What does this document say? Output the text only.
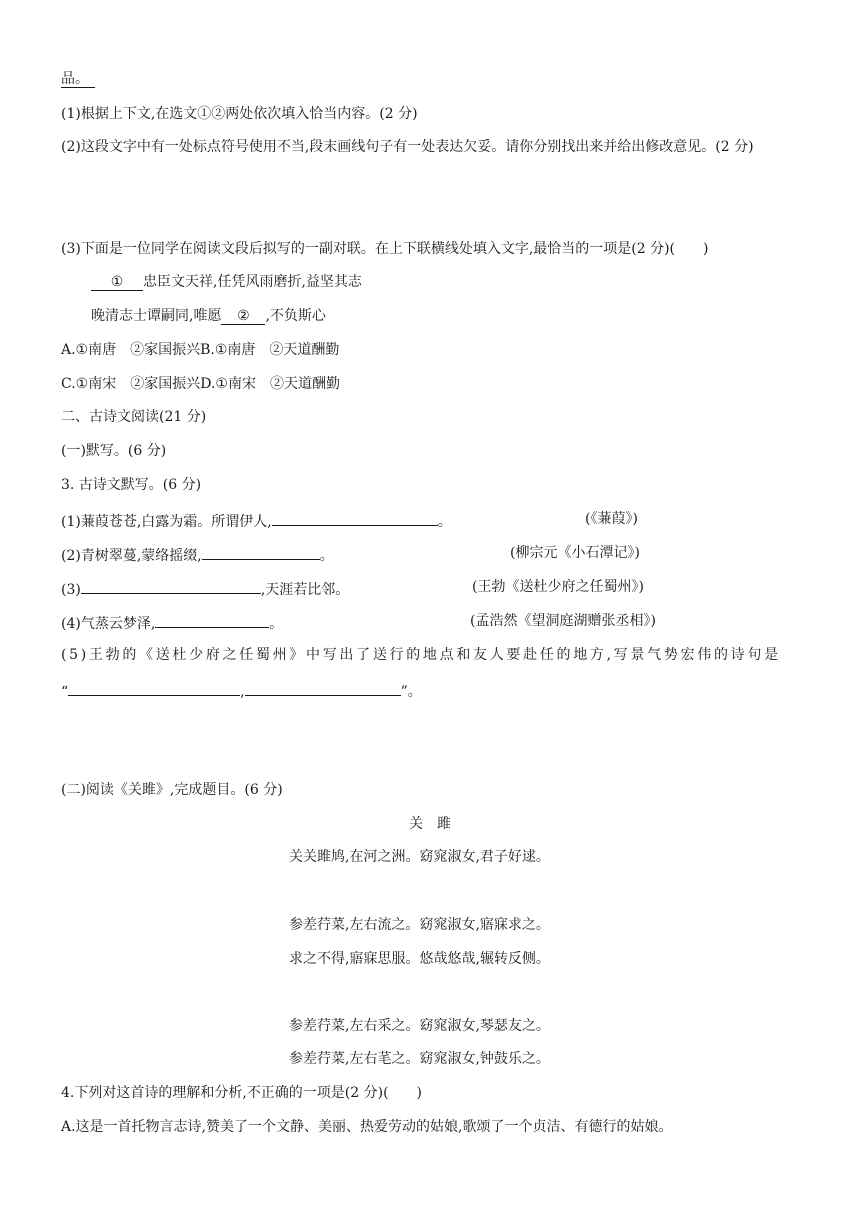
品。
(1)根据上下文,在选文①②两处依次填入恰当内容。(2 分)
(2)这段文字中有一处标点符号使用不当,段末画线句子有一处表达欠妥。请你分别找出来并给出修改意见。(2 分)
(3)下面是一位同学在阅读文段后拟写的一副对联。在上下联横线处填入文字,最恰当的一项是(2 分)(　　)
① 忠臣文天祥,任凭风雨磨折,益坚其志
晚清志士谭嗣同,唯愿 ② ,不负斯心
A.①南唐　②家国振兴B.①南唐　②天道酬勤
C.①南宋　②家国振兴D.①南宋　②天道酬勤
二、古诗文阅读(21 分)
(一)默写。(6 分)
3. 古诗文默写。(6 分)
(1)蒹葭苍苍,白露为霜。所谓伊人,	。	(《蒹葭》)
(2)青树翠蔓,蒙络摇缀,	。	(柳宗元《小石潭记》)
(3)	,天涯若比邻。	(王勃《送杜少府之任蜀州》)
(4)气蒸云梦泽,	。	(孟浩然《望洞庭湖赠张丞相》)
(5)王勃的《送杜少府之任蜀州》中写出了送行的地点和友人要赴任的地方,写景气势宏伟的诗句是
“	,	”。
(二)阅读《关雎》,完成题目。(6 分)
关　雎
关关雎鸠,在河之洲。窈窕淑女,君子好逑。
参差荇菜,左右流之。窈窕淑女,寤寐求之。
求之不得,寤寐思服。悠哉悠哉,辗转反侧。
参差荇菜,左右采之。窈窕淑女,琴瑟友之。
参差荇菜,左右芼之。窈窕淑女,钟鼓乐之。
4.下列对这首诗的理解和分析,不正确的一项是(2 分)(　　)
A.这是一首托物言志诗,赞美了一个文静、美丽、热爱劳动的姑娘,歌颂了一个贞洁、有德行的姑娘。
